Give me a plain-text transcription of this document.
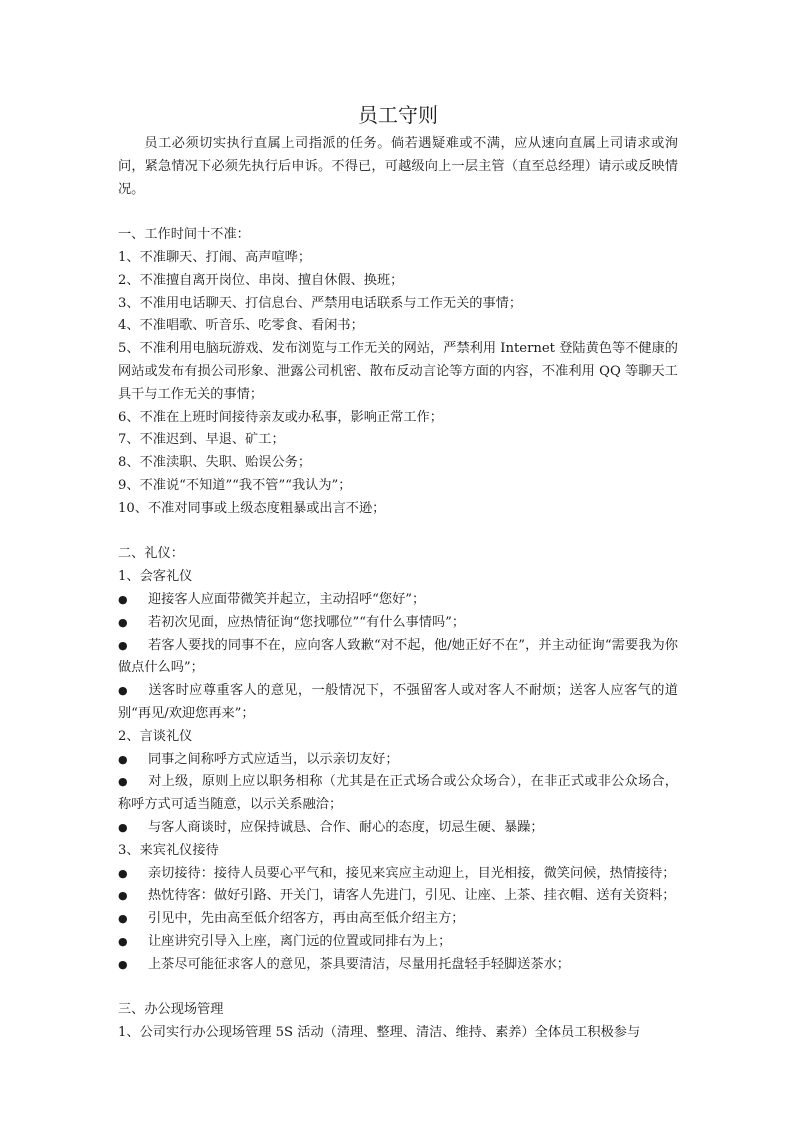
员工守则

员工必须切实执行直属上司指派的任务。倘若遇疑难或不满，应从速向直属上司请求或洵问，紧急情况下必须先执行后申诉。不得已，可越级向上一层主管（直至总经理）请示或反映情况。

一、工作时间十不准：

1、不准聊天、打闹、高声喧哗；

2、不准擅自离开岗位、串岗、擅自休假、换班；

3、不准用电话聊天、打信息台、严禁用电话联系与工作无关的事情；

4、不准唱歌、听音乐、吃零食、看闲书；

5、不准利用电脑玩游戏、发布浏览与工作无关的网站，严禁利用 Internet 登陆黄色等不健康的网站或发布有损公司形象、泄露公司机密、散布反动言论等方面的内容，不准利用 QQ 等聊天工具干与工作无关的事情；

6、不准在上班时间接待亲友或办私事，影响正常工作；

7、不准迟到、早退、矿工；

8、不准渎职、失职、贻误公务；

9、不准说“不知道”“我不管”“我认为”；

10、不准对同事或上级态度粗暴或出言不逊；

二、礼仪：

1、会客礼仪

● 迎接客人应面带微笑并起立，主动招呼“您好”；

● 若初次见面，应热情征询“您找哪位”“有什么事情吗”；

● 若客人要找的同事不在，应向客人致歉“对不起，他/她正好不在”，并主动征询“需要我为你做点什么吗”；

● 送客时应尊重客人的意见，一般情况下，不强留客人或对客人不耐烦；送客人应客气的道别“再见/欢迎您再来”；

2、言谈礼仪

● 同事之间称呼方式应适当，以示亲切友好；

● 对上级，原则上应以职务相称（尤其是在正式场合或公众场合），在非正式或非公众场合，称呼方式可适当随意，以示关系融洽；

● 与客人商谈时，应保持诚恳、合作、耐心的态度，切忌生硬、暴躁；

3、来宾礼仪接待

● 亲切接待：接待人员要心平气和，接见来宾应主动迎上，目光相接，微笑问候，热情接待；

● 热忱待客：做好引路、开关门，请客人先进门，引见、让座、上茶、挂衣帽、送有关资料；

● 引见中，先由高至低介绍客方，再由高至低介绍主方；

● 让座讲究引导入上座，离门远的位置或同排右为上；

● 上茶尽可能征求客人的意见，茶具要清洁，尽量用托盘轻手轻脚送茶水；

三、办公现场管理

1、公司实行办公现场管理 5S 活动（清理、整理、清洁、维持、素养）全体员工积极参与
